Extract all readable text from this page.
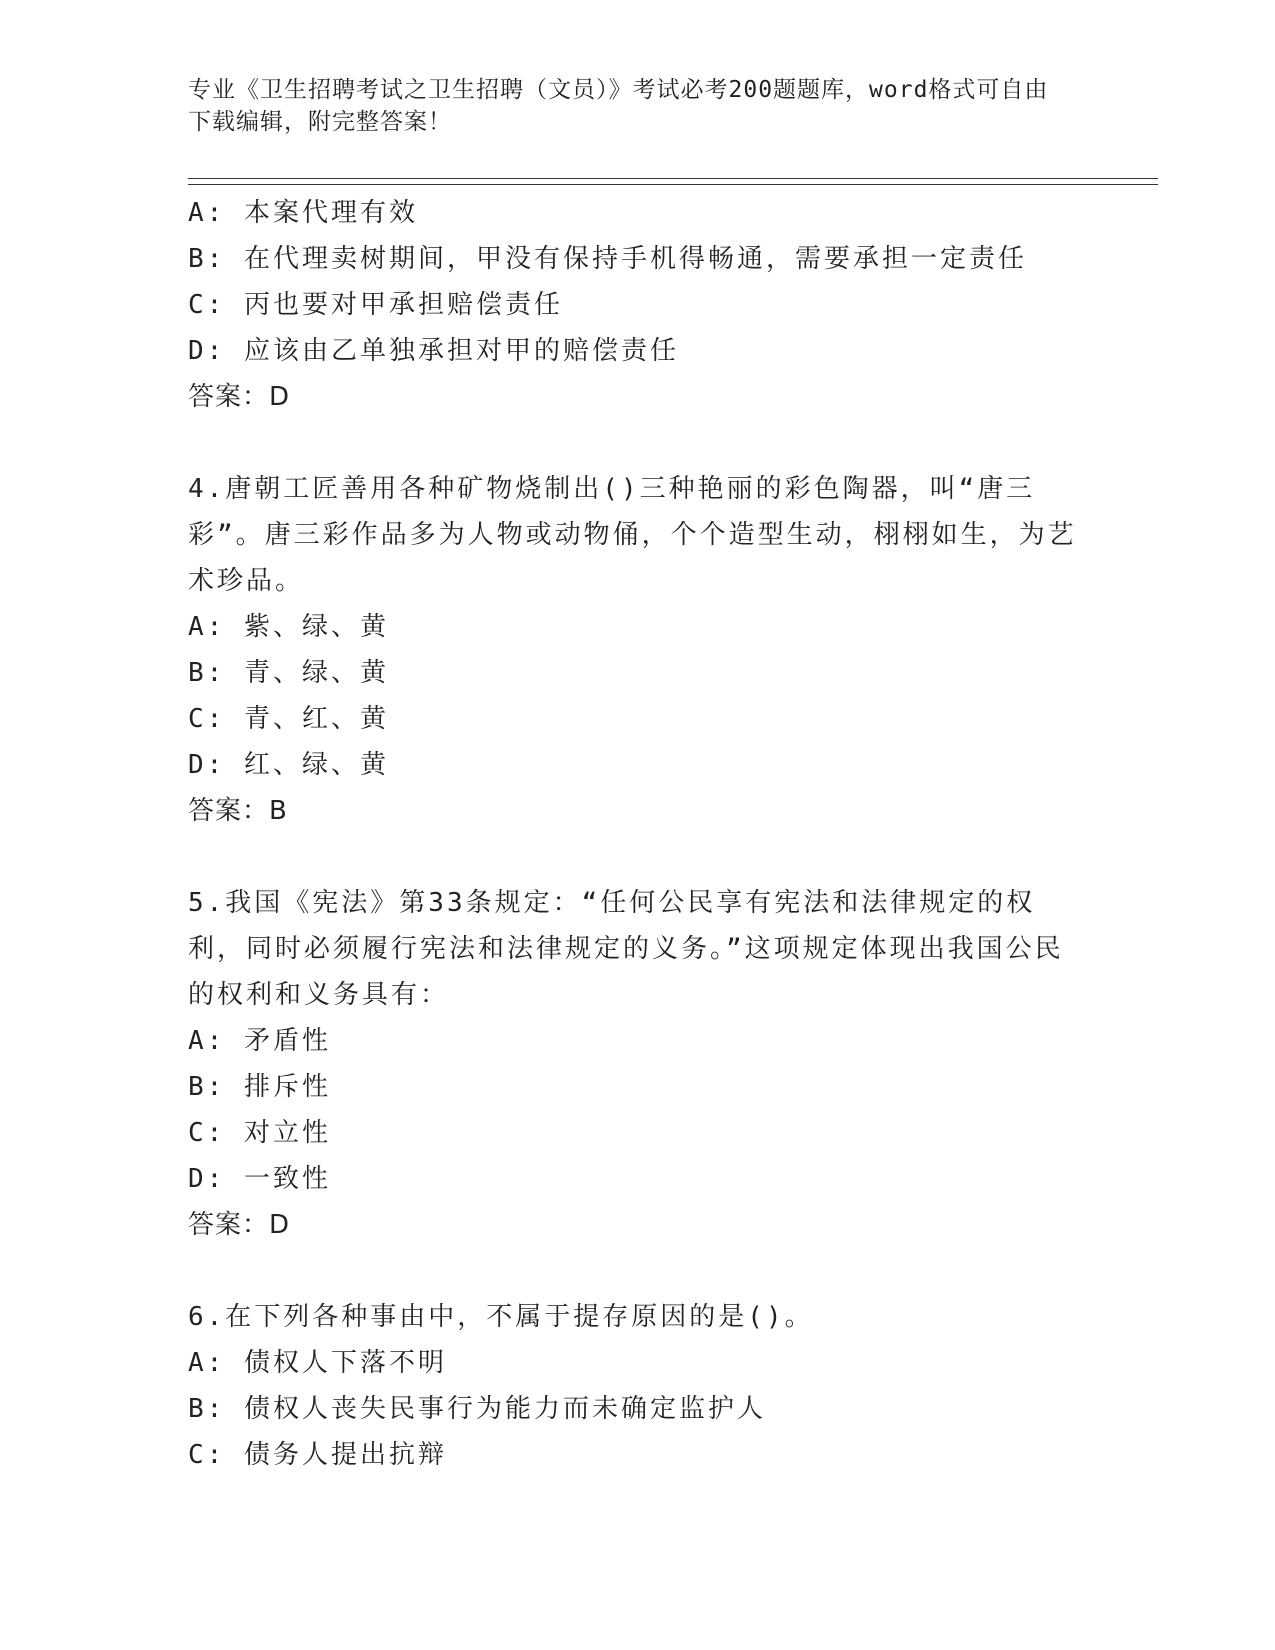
专业《卫生招聘考试之卫生招聘（文员）》考试必考200题题库，word格式可自由下载编辑，附完整答案！
A: 本案代理有效
B: 在代理卖树期间，甲没有保持手机得畅通，需要承担一定责任
C: 丙也要对甲承担赔偿责任
D: 应该由乙单独承担对甲的赔偿责任
答案：D
4.唐朝工匠善用各种矿物烧制出()三种艳丽的彩色陶器，叫“唐三彩”。唐三彩作品多为人物或动物俑，个个造型生动，栩栩如生，为艺术珍品。
A: 紫、绿、黄
B: 青、绿、黄
C: 青、红、黄
D: 红、绿、黄
答案：B
5.我国《宪法》第33条规定：“任何公民享有宪法和法律规定的权利，同时必须履行宪法和法律规定的义务。”这项规定体现出我国公民的权利和义务具有：
A: 矛盾性
B: 排斥性
C: 对立性
D: 一致性
答案：D
6.在下列各种事由中，不属于提存原因的是()。
A: 债权人下落不明
B: 债权人丧失民事行为能力而未确定监护人
C: 债务人提出抗辩
